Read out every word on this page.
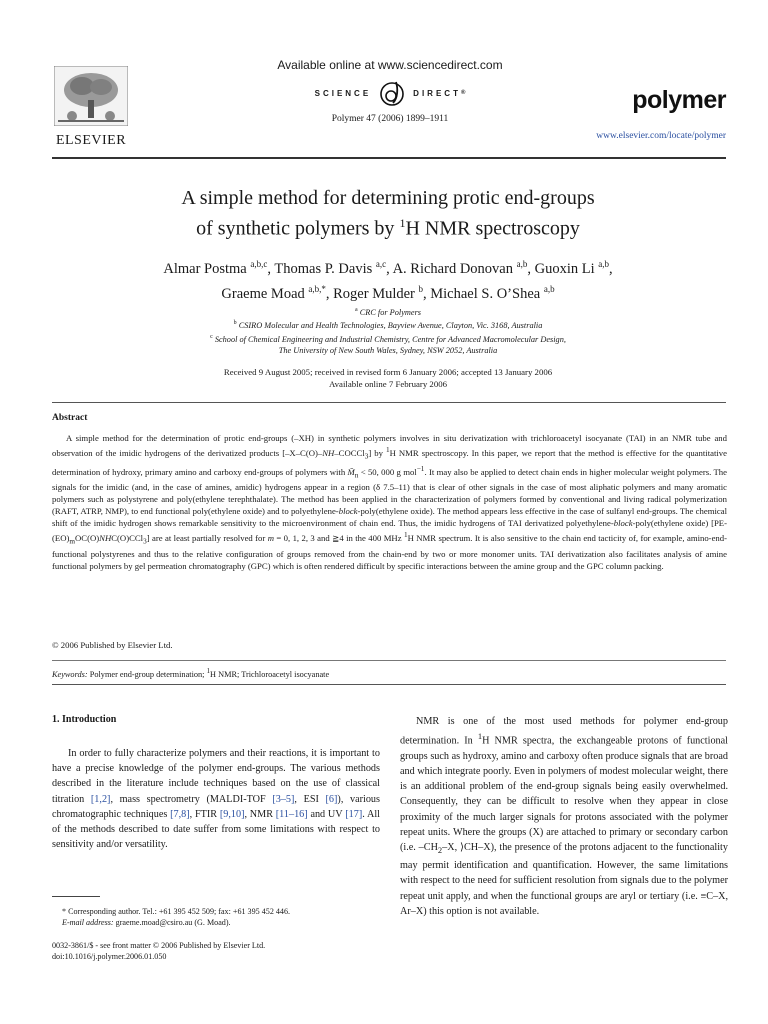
ELSEVIER
Available online at www.sciencedirect.com
SCIENCE	DIRECT ®
Polymer 47 (2006) 1899–1911
polymer
www.elsevier.com/locate/polymer
A simple method for determining protic end-groups
of synthetic polymers by $^1$H NMR spectroscopy
Almar Postma $^{a,b,c}$, Thomas P. Davis $^{a,c}$, A. Richard Donovan $^{a,b}$, Guoxin Li $^{a,b}$,
Graeme Moad $^{a,b,*}$, Roger Mulder $^b$, Michael S. O’Shea $^{a,b}$
$^a$ CRC for Polymers
$^b$ CSIRO Molecular and Health Technologies, Bayview Avenue, Clayton, Vic. 3168, Australia
$^c$ School of Chemical Engineering and Industrial Chemistry, Centre for Advanced Macromolecular Design,
The University of New South Wales, Sydney, NSW 2052, Australia
Received 9 August 2005; received in revised form 6 January 2006; accepted 13 January 2006
Available online 7 February 2006
Abstract
A simple method for the determination of protic end-groups (–XH) in synthetic polymers involves in situ derivatization with trichloroacetyl isocyanate (TAI) in an NMR tube and observation of the imidic hydrogens of the derivatized products [–X–C(O)–NH–COCCl$_3$] by $^1$H NMR spectroscopy. In this paper, we report that the method is effective for the quantitative determination of hydroxy, primary amino and carboxy end-groups of polymers with $M̄_n < 50$, 000 g mol$^{-1}$. It may also be applied to detect chain ends in higher molecular weight polymers. The signals for the imidic (and, in the case of amines, amidic) hydrogens appear in a region (δ 7.5–11) that is clear of other signals in the case of most aliphatic polymers and many aromatic polymers such as polystyrene and poly(ethylene terephthalate). The method has been applied in the characterization of polymers formed by conventional and living radical polymerization (RAFT, ATRP, NMP), to end functional poly(ethylene oxide) and to polyethylene-block-poly(ethylene oxide). The method appears less effective in the case of sulfanyl end-groups. The chemical shift of the imidic hydrogen shows remarkable sensitivity to the microenvironment of chain end. Thus, the imidic hydrogens of TAI derivatized polyethylene-block-poly(ethylene oxide) $[PE-(EO)_mOC(O)NHC(O)CCl_3]$ are at least partially resolved for m = 0, 1, 2, 3 and ≧4 in the 400 MHz $^1$H NMR spectrum. It is also sensitive to the chain end tacticity of, for example, amino-end-functional polystyrenes and thus to the relative configuration of groups removed from the chain-end by two or more monomer units. TAI derivatization also facilitates analysis of amine functional polymers by gel permeation chromatography (GPC) which is often rendered difficult by specific interactions between the amine group and the GPC column packing.
© 2006 Published by Elsevier Ltd.
Keywords: Polymer end-group determination; $^1$H NMR; Trichloroacetyl isocyanate
1. Introduction
In order to fully characterize polymers and their reactions, it is important to have a precise knowledge of the polymer end-groups. The various methods described in the literature include techniques based on the use of classical titration [1,2], mass spectrometry (MALDI-TOF [3–5], ESI [6]), various chromatographic techniques [7,8], FTIR [9,10], NMR [11–16] and UV [17]. All of the methods described to date suffer from some limitations with respect to sensitivity and/or versatility.
* Corresponding author. Tel.: +61 395 452 509; fax: +61 395 452 446.
E-mail address: graeme.moad@csiro.au (G. Moad).
0032-3861/$ - see front matter © 2006 Published by Elsevier Ltd.
doi:10.1016/j.polymer.2006.01.050
NMR is one of the most used methods for polymer end-group determination. In $^1$H NMR spectra, the exchangeable protons of functional groups such as hydroxy, amino and carboxy often produce signals that are broad and which integrate poorly. Even in polymers of modest molecular weight, there is an additional problem of the end-group signals being easily overwhelmed. Consequently, they can be difficult to resolve when they appear in close proximity of the much larger signals for protons associated with the polymer repeat units. Where the groups (X) are attached to primary or secondary carbon (i.e. $-CH_2-X$, ⟩CH–X), the presence of the protons adjacent to the functionality may permit identification and quantification. However, the same limitations with respect to the need for sufficient resolution from signals due to the polymer repeat unit apply, and when the functional groups are aryl or tertiary (i.e. ≡C–X, Ar–X) this option is not available.
